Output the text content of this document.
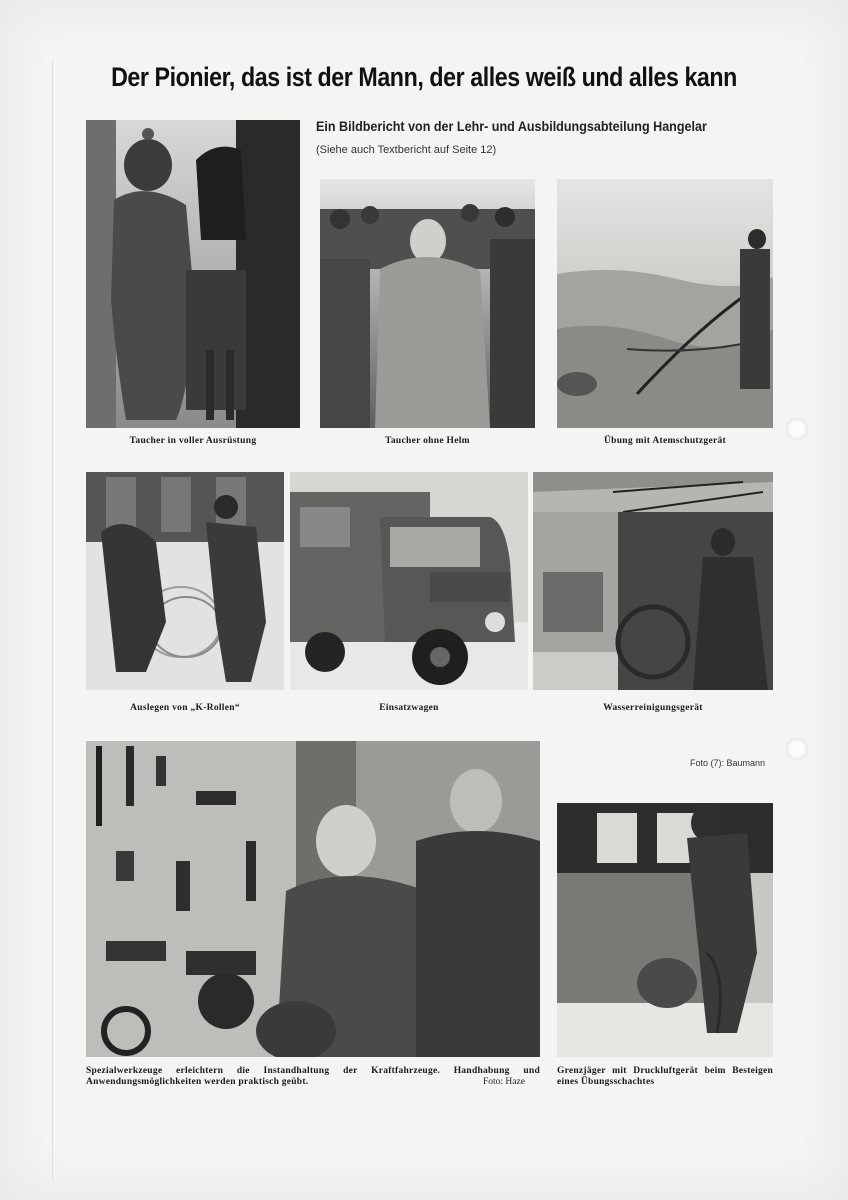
Der Pionier, das ist der Mann, der alles weiß und alles kann
Ein Bildbericht von der Lehr- und Ausbildungsabteilung Hangelar
(Siehe auch Textbericht auf Seite 12)
Taucher in voller Ausrüstung	Taucher ohne Helm	Übung mit Atemschutzgerät
Auslegen von „K-Rollen“	Einsatzwagen	Wasserreinigungsgerät
Foto (7): Baumann
Spezialwerkzeuge erleichtern die Instandhaltung der Kraftfahrzeuge. Handhabung und Anwendungsmöglichkeiten werden praktisch geübt.	Foto: Haze
Grenzjäger mit Druckluftgerät beim Besteigen eines Übungsschachtes
